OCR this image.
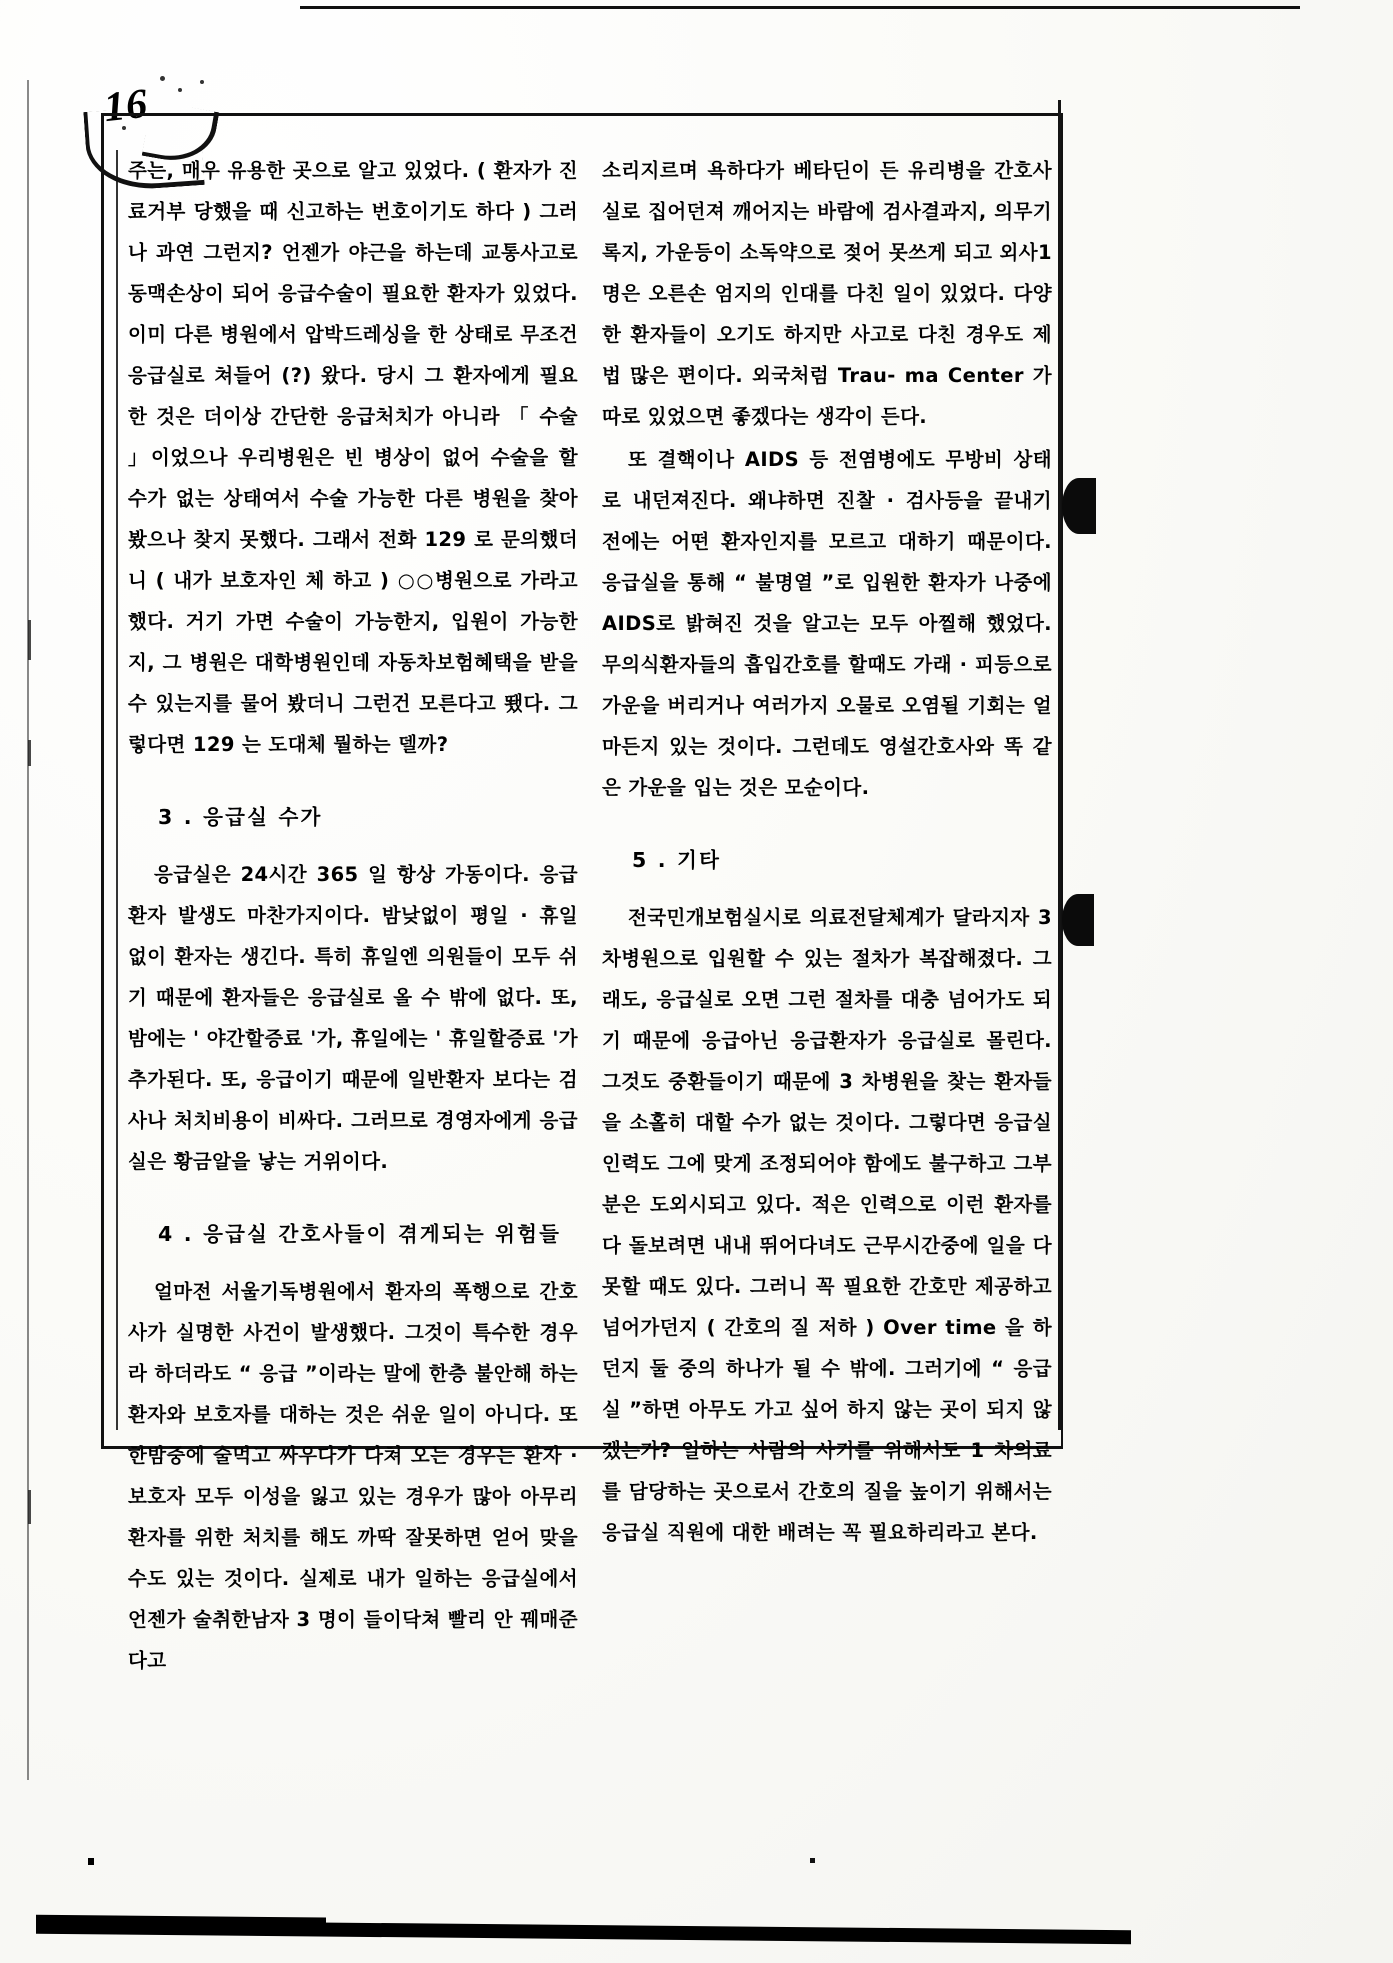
16

주는, 매우 유용한 곳으로 알고 있었다. ( 환자가 진료거부 당했을 때 신고하는 번호이기도 하다 ) 그러나 과연 그런지? 언젠가 야근을 하는데 교통사고로 동맥손상이 되어 응급수술이 필요한 환자가 있었다. 이미 다른 병원에서 압박드레싱을 한 상태로 무조건 응급실로 쳐들어 (?) 왔다. 당시 그 환자에게 필요한 것은 더이상 간단한 응급처치가 아니라 「 수술 」이었으나 우리병원은 빈 병상이 없어 수술을 할 수가 없는 상태여서 수술 가능한 다른 병원을 찾아 봤으나 찾지 못했다. 그래서 전화 129 로 문의했더니 ( 내가 보호자인 체 하고 ) ○○병원으로 가라고 했다. 거기 가면 수술이 가능한지, 입원이 가능한지, 그 병원은 대학병원인데 자동차보험혜택을 받을 수 있는지를 물어 봤더니 그런건 모른다고 뙜다. 그렇다면 129 는 도대체 뭘하는 델까?

3 . 응급실 수가

응급실은 24시간 365 일 항상 가동이다. 응급환자 발생도 마찬가지이다. 밤낮없이 평일 · 휴일 없이 환자는 생긴다. 특히 휴일엔 의원들이 모두 쉬기 때문에 환자들은 응급실로 올 수 밖에 없다. 또, 밤에는 ' 야간할증료 '가, 휴일에는 ' 휴일할증료 '가 추가된다. 또, 응급이기 때문에 일반환자 보다는 검사나 처치비용이 비싸다. 그러므로 경영자에게 응급실은 황금알을 낳는 거위이다.

4 . 응급실 간호사들이 겪게되는 위험들

얼마전 서울기독병원에서 환자의 폭행으로 간호사가 실명한 사건이 발생했다. 그것이 특수한 경우라 하더라도 “ 응급 ”이라는 말에 한층 불안해 하는 환자와 보호자를 대하는 것은 쉬운 일이 아니다. 또 한밤중에 술먹고 싸우다가 다쳐 오는 경우는 환자 · 보호자 모두 이성을 잃고 있는 경우가 많아 아무리 환자를 위한 처치를 해도 까딱 잘못하면 얻어 맞을 수도 있는 것이다. 실제로 내가 일하는 응급실에서 언젠가 술취한남자 3 명이 들이닥쳐 빨리 안 꿰매준다고

소리지르며 욕하다가 베타딘이 든 유리병을 간호사실로 집어던져 깨어지는 바람에 검사결과지, 의무기록지, 가운등이 소독약으로 젖어 못쓰게 되고 외사1명은 오른손 엄지의 인대를 다친 일이 있었다. 다양한 환자들이 오기도 하지만 사고로 다친 경우도 제법 많은 편이다. 외국처럼 Trau- ma Center 가 따로 있었으면 좋겠다는 생각이 든다.

또 결핵이나 AIDS 등 전염병에도 무방비 상태로 내던져진다. 왜냐하면 진찰 · 검사등을 끝내기 전에는 어떤 환자인지를 모르고 대하기 때문이다. 응급실을 통해 “ 불명열 ”로 입원한 환자가 나중에 AIDS로 밝혀진 것을 알고는 모두 아찔해 했었다. 무의식환자들의 흡입간호를 할때도 가래 · 피등으로 가운을 버리거나 여러가지 오물로 오염될 기회는 얼마든지 있는 것이다. 그런데도 영설간호사와 똑 같은 가운을 입는 것은 모순이다.

5 . 기타

전국민개보험실시로 의료전달체계가 달라지자 3 차병원으로 입원할 수 있는 절차가 복잡해졌다. 그래도, 응급실로 오면 그런 절차를 대충 넘어가도 되기 때문에 응급아닌 응급환자가 응급실로 몰린다. 그것도 중환들이기 때문에 3 차병원을 찾는 환자들을 소홀히 대할 수가 없는 것이다. 그렇다면 응급실 인력도 그에 맞게 조정되어야 함에도 불구하고 그부분은 도외시되고 있다. 적은 인력으로 이런 환자를 다 돌보려면 내내 뛰어다녀도 근무시간중에 일을 다 못할 때도 있다. 그러니 꼭 필요한 간호만 제공하고 넘어가던지 ( 간호의 질 저하 ) Over time 을 하던지 둘 중의 하나가 될 수 밖에. 그러기에 “ 응급실 ”하면 아무도 가고 싶어 하지 않는 곳이 되지 않겠는가? 일하는 사람의 사기를 위해서도 1 차의료를 담당하는 곳으로서 간호의 질을 높이기 위해서는 응급실 직원에 대한 배려는 꼭 필요하리라고 본다.
